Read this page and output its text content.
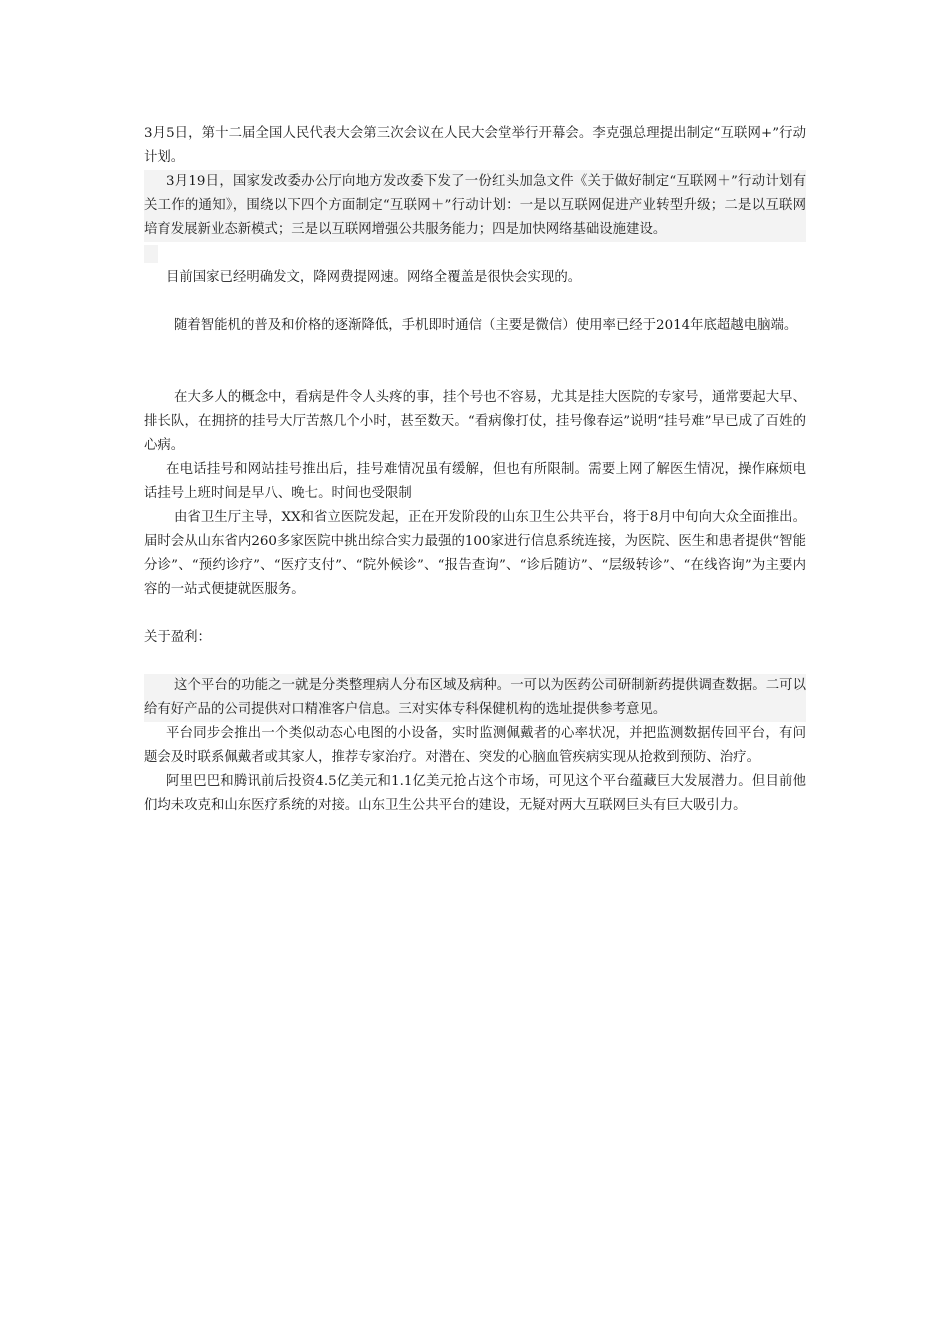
3月5日，第十二届全国人民代表大会第三次会议在人民大会堂举行开幕会。李克强总理提出制定“互联网+”行动计划。

3月19日，国家发改委办公厅向地方发改委下发了一份红头加急文件《关于做好制定“互联网＋”行动计划有关工作的通知》，围绕以下四个方面制定“互联网＋”行动计划：一是以互联网促进产业转型升级；二是以互联网培育发展新业态新模式；三是以互联网增强公共服务能力；四是加快网络基础设施建设。

目前国家已经明确发文，降网费提网速。网络全覆盖是很快会实现的。

随着智能机的普及和价格的逐渐降低，手机即时通信（主要是微信）使用率已经于2014年底超越电脑端。

在大多人的概念中，看病是件令人头疼的事，挂个号也不容易，尤其是挂大医院的专家号，通常要起大早、排长队，在拥挤的挂号大厅苦熬几个小时，甚至数天。“看病像打仗，挂号像春运”说明“挂号难”早已成了百姓的心病。

在电话挂号和网站挂号推出后，挂号难情况虽有缓解，但也有所限制。需要上网了解医生情况，操作麻烦电话挂号上班时间是早八、晚七。时间也受限制

由省卫生厅主导，XX和省立医院发起，正在开发阶段的山东卫生公共平台，将于8月中旬向大众全面推出。届时会从山东省内260多家医院中挑出综合实力最强的100家进行信息系统连接，为医院、医生和患者提供“智能分诊”、“预约诊疗”、“医疗支付”、“院外候诊”、“报告查询”、“诊后随访”、“层级转诊”、“在线咨询”为主要内容的一站式便捷就医服务。

关于盈利：

这个平台的功能之一就是分类整理病人分布区域及病种。一可以为医药公司研制新药提供调查数据。二可以给有好产品的公司提供对口精准客户信息。三对实体专科保健机构的选址提供参考意见。

平台同步会推出一个类似动态心电图的小设备，实时监测佩戴者的心率状况，并把监测数据传回平台，有问题会及时联系佩戴者或其家人，推荐专家治疗。对潜在、突发的心脑血管疾病实现从抢救到预防、治疗。

阿里巴巴和腾讯前后投资4.5亿美元和1.1亿美元抢占这个市场，可见这个平台蕴藏巨大发展潜力。但目前他们均未攻克和山东医疗系统的对接。山东卫生公共平台的建设，无疑对两大互联网巨头有巨大吸引力。
